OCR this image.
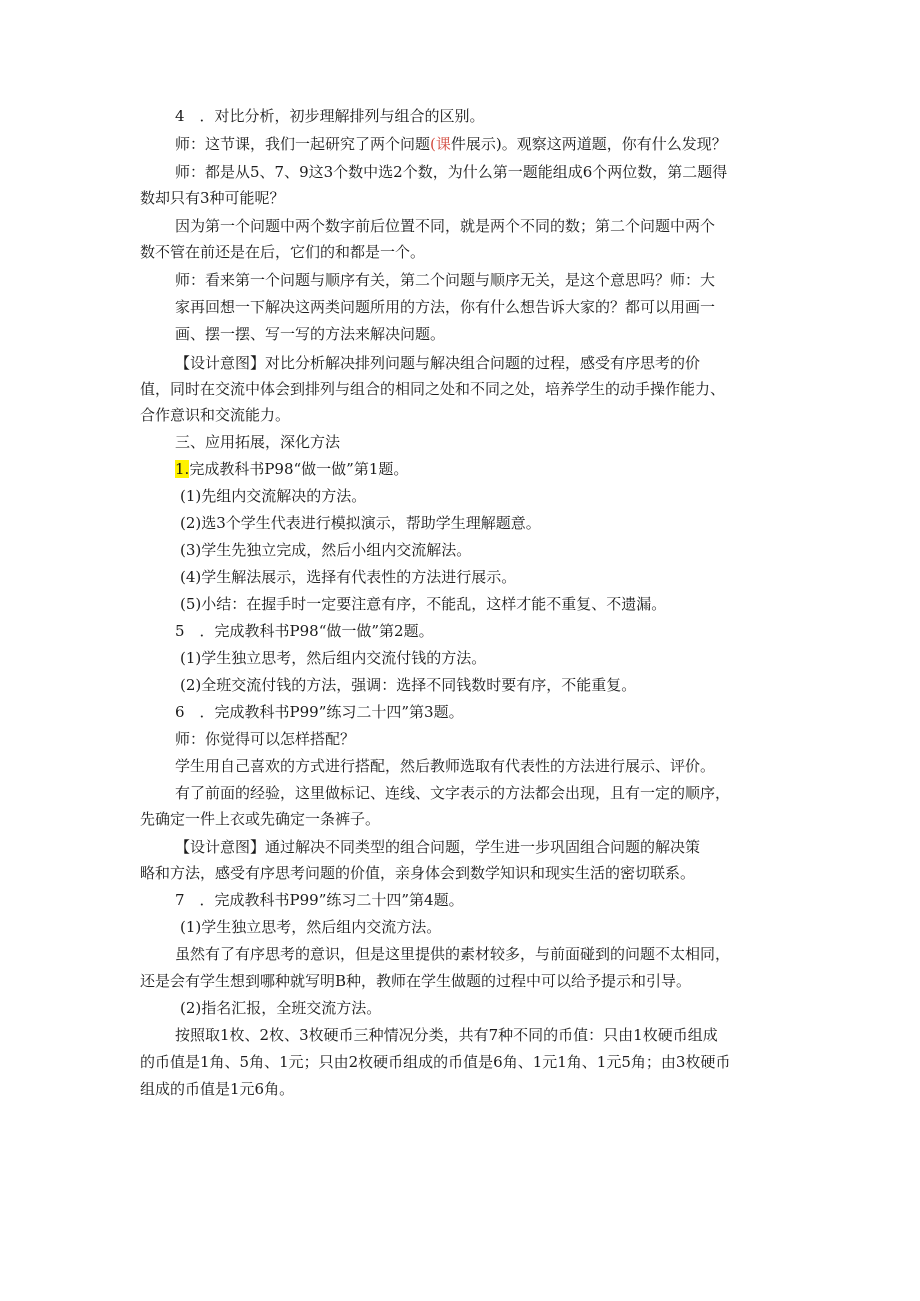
4　．对比分析，初步理解排列与组合的区别。
师：这节课，我们一起研究了两个问题(课件展示)。观察这两道题，你有什么发现？
师：都是从5、7、9这3个数中选2个数，为什么第一题能组成6个两位数，第二题得
数却只有3种可能呢？
因为第一个问题中两个数字前后位置不同，就是两个不同的数；第二个问题中两个
数不管在前还是在后，它们的和都是一个。
师：看来第一个问题与顺序有关，第二个问题与顺序无关，是这个意思吗？师：大
家再回想一下解决这两类问题所用的方法，你有什么想告诉大家的？都可以用画一
画、摆一摆、写一写的方法来解决问题。
【设计意图】对比分析解决排列问题与解决组合问题的过程，感受有序思考的价
值，同时在交流中体会到排列与组合的相同之处和不同之处，培养学生的动手操作能力、
合作意识和交流能力。
三、应用拓展，深化方法
1.完成教科书P98“做一做”第1题。
(1)先组内交流解决的方法。
(2)选3个学生代表进行模拟演示，帮助学生理解题意。
(3)学生先独立完成，然后小组内交流解法。
(4)学生解法展示，选择有代表性的方法进行展示。
(5)小结：在握手时一定要注意有序，不能乱，这样才能不重复、不遗漏。
5　．完成教科书P98“做一做”第2题。
(1)学生独立思考，然后组内交流付钱的方法。
(2)全班交流付钱的方法，强调：选择不同钱数时要有序，不能重复。
6　．完成教科书P99”练习二十四”第3题。
师：你觉得可以怎样搭配？
学生用自己喜欢的方式进行搭配，然后教师选取有代表性的方法进行展示、评价。
有了前面的经验，这里做标记、连线、文字表示的方法都会出现，且有一定的顺序，
先确定一件上衣或先确定一条裤子。
【设计意图】通过解决不同类型的组合问题，学生进一步巩固组合问题的解决策
略和方法，感受有序思考问题的价值，亲身体会到数学知识和现实生活的密切联系。
7　．完成教科书P99”练习二十四”第4题。
(1)学生独立思考，然后组内交流方法。
虽然有了有序思考的意识，但是这里提供的素材较多，与前面碰到的问题不太相同，
还是会有学生想到哪种就写明B种，教师在学生做题的过程中可以给予提示和引导。
(2)指名汇报，全班交流方法。
按照取1枚、2枚、3枚硬币三种情况分类，共有7种不同的币值：只由1枚硬币组成
的币值是1角、5角、1元；只由2枚硬币组成的币值是6角、1元1角、1元5角；由3枚硬币
组成的币值是1元6角。
